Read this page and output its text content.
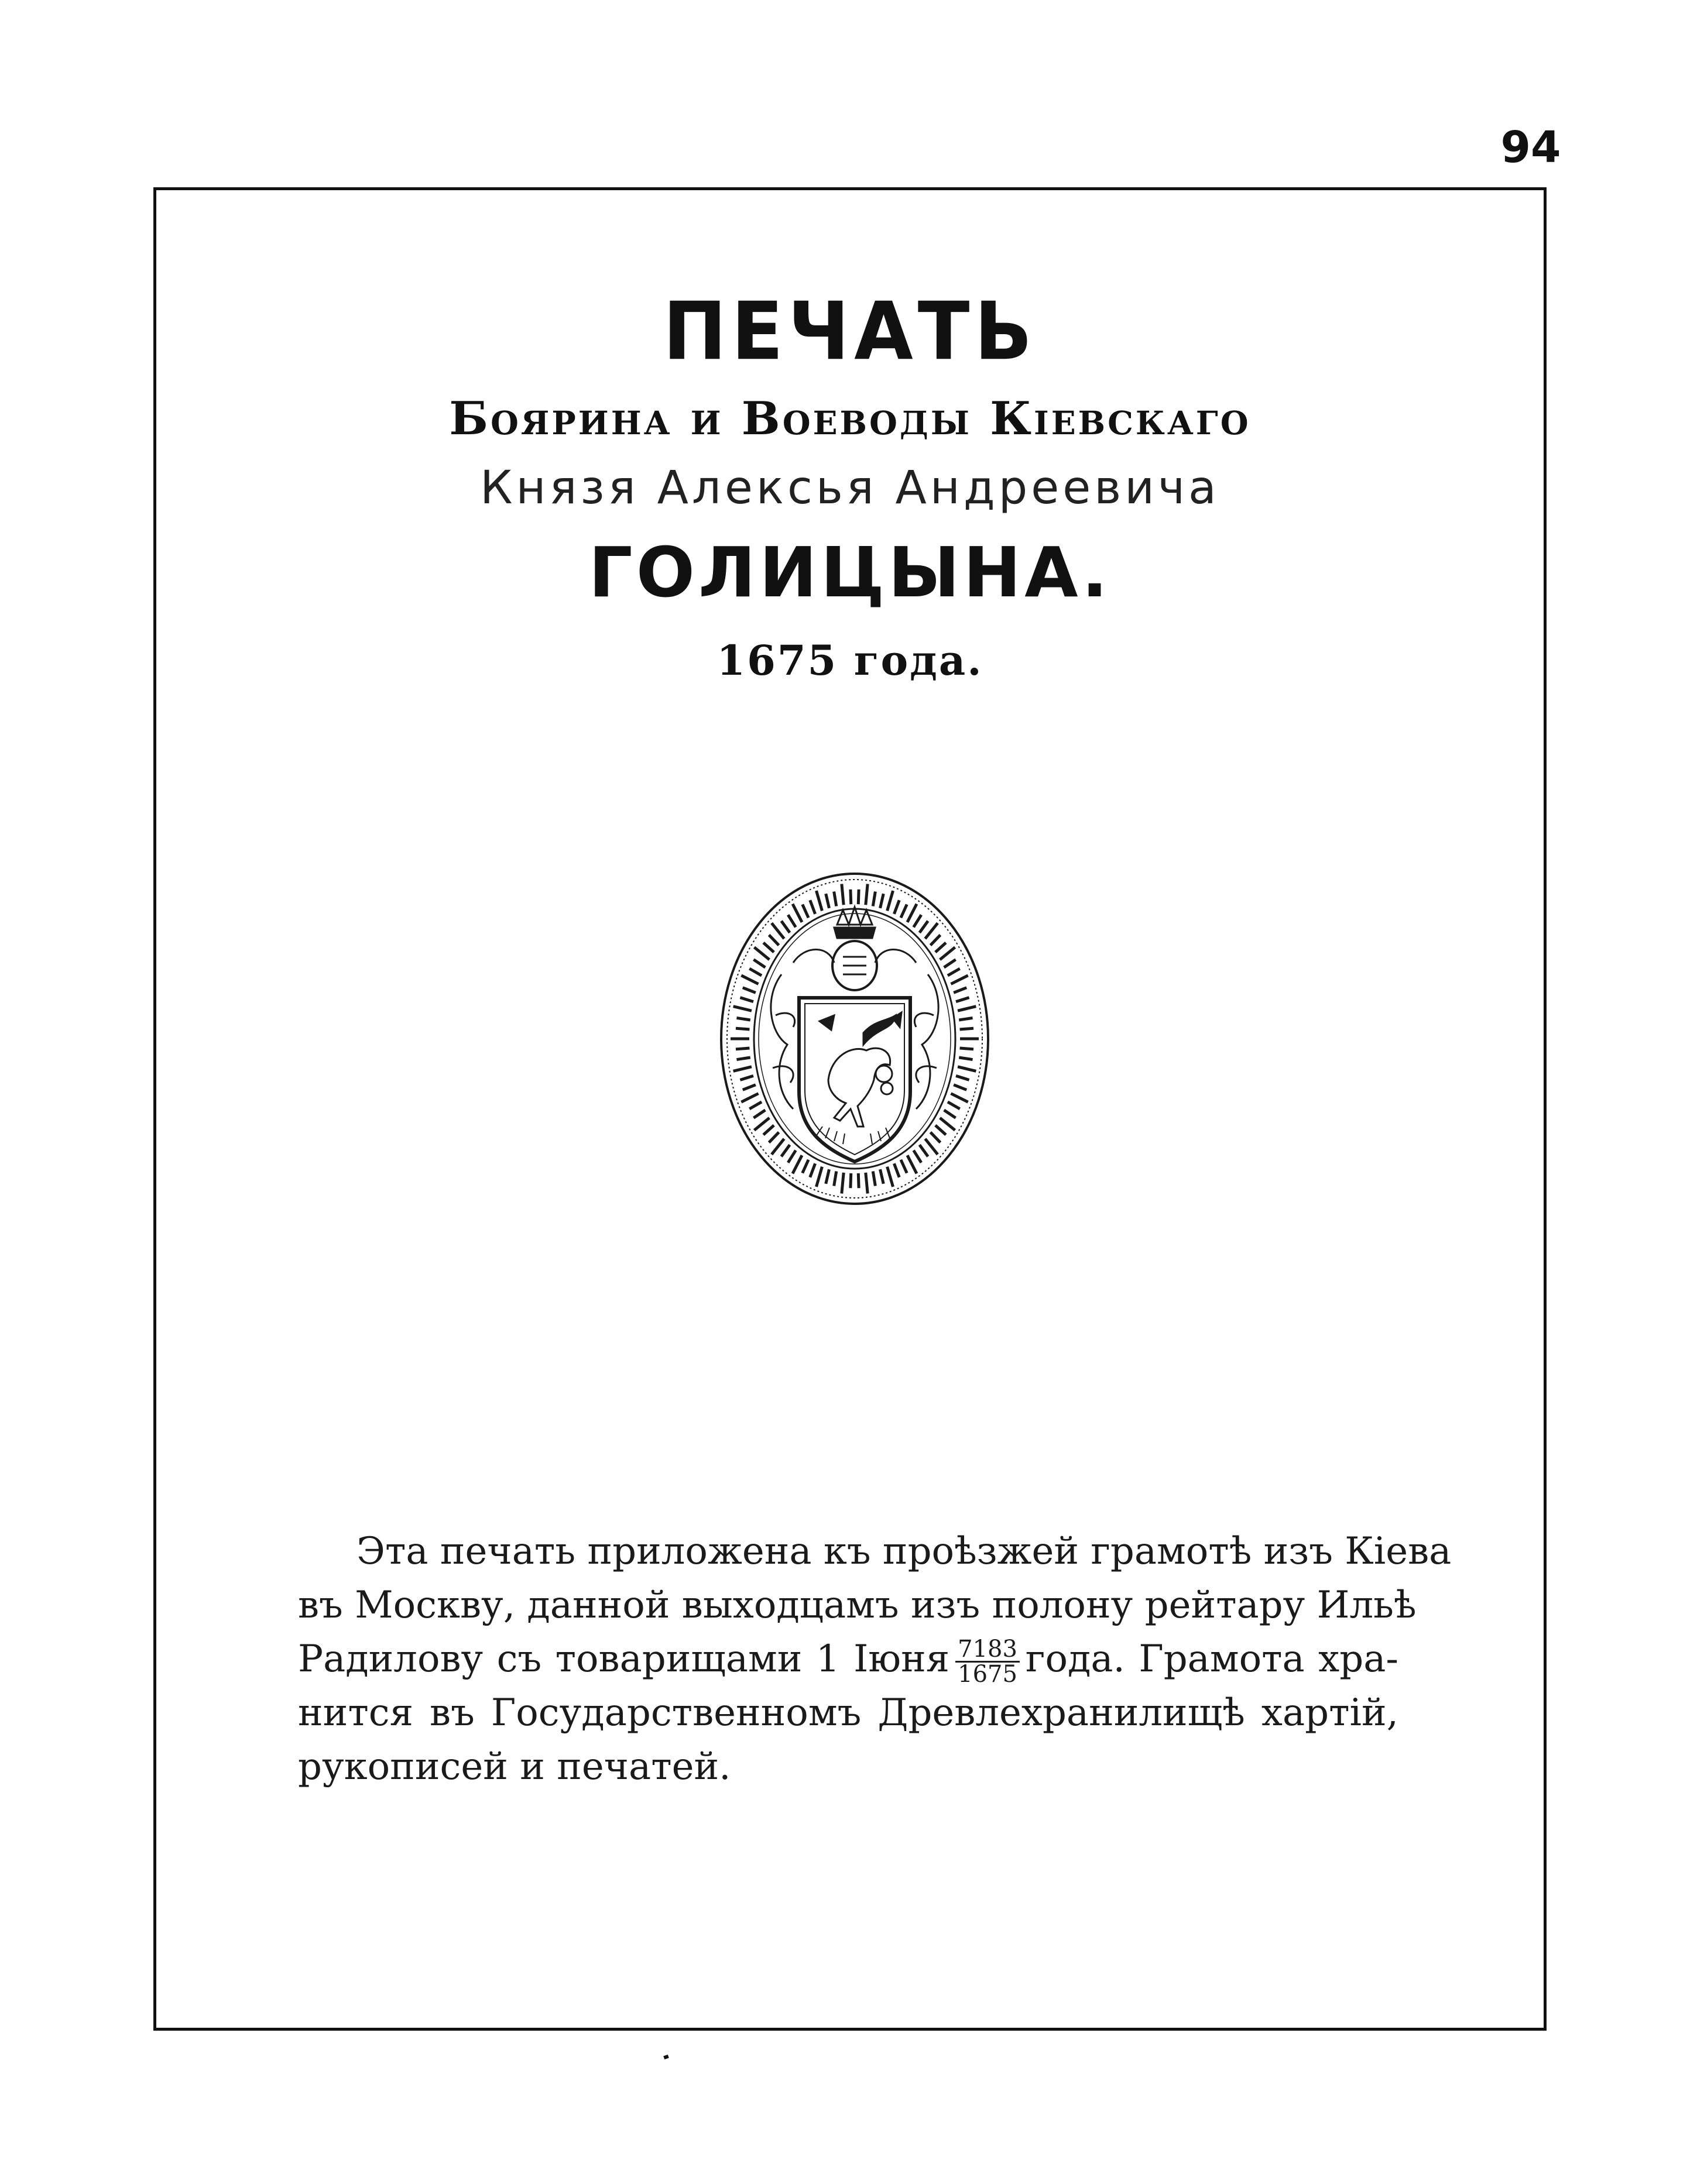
94
ПЕЧАТЬ
Боярина и Воеводы Кіевскаго
Князя Алексья Андреевича
ГОЛИЦЫНА.
1675 года.
Эта печать приложена къ проѣзжей грамотѣ изъ Кіева
въ Москву, данной выходцамъ изъ полону рейтару Ильѣ
Радилову съ товарищами 1 Іюня $\frac{7183}{1675}$ года. Грамота хра-
нится въ Государственномъ Древлехранилищѣ хартій,
рукописей и печатей.
